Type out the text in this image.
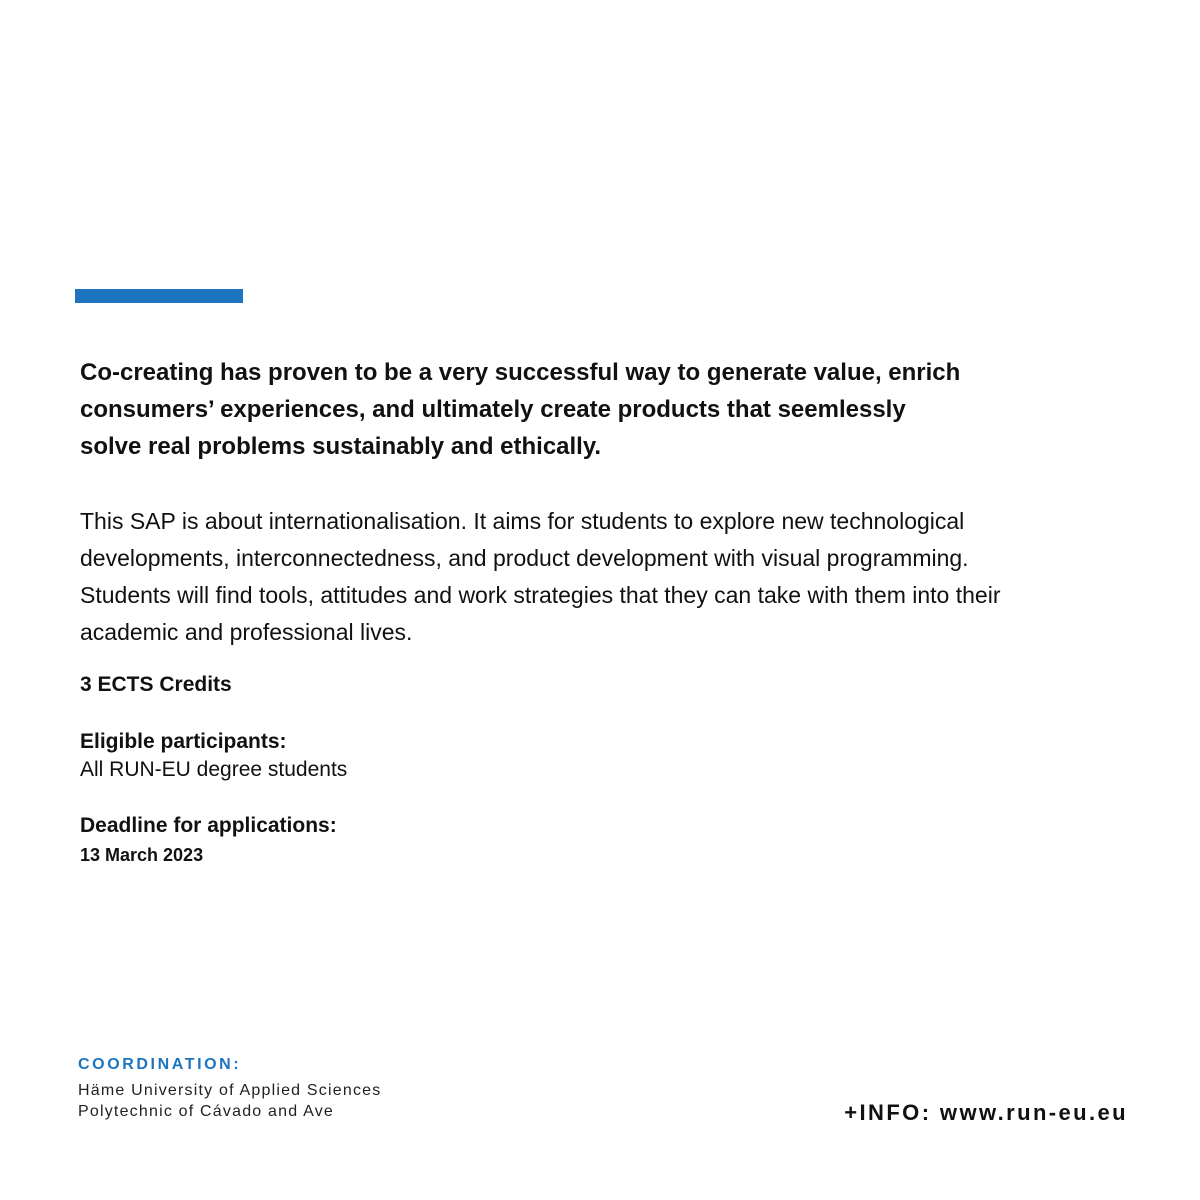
Co-creating has proven to be a very successful way to generate value, enrich
consumers’ experiences, and ultimately create products that seemlessly
solve real problems sustainably and ethically.

This SAP is about internationalisation. It aims for students to explore new technological
developments, interconnectedness, and product development with visual programming.
Students will find tools, attitudes and work strategies that they can take with them into their
academic and professional lives.

3 ECTS Credits

Eligible participants:

All RUN-EU degree students

Deadline for applications:

13 March 2023

COORDINATION:

Häme University of Applied Sciences

Polytechnic of Cávado and Ave	+INFO: www.run-eu.eu
